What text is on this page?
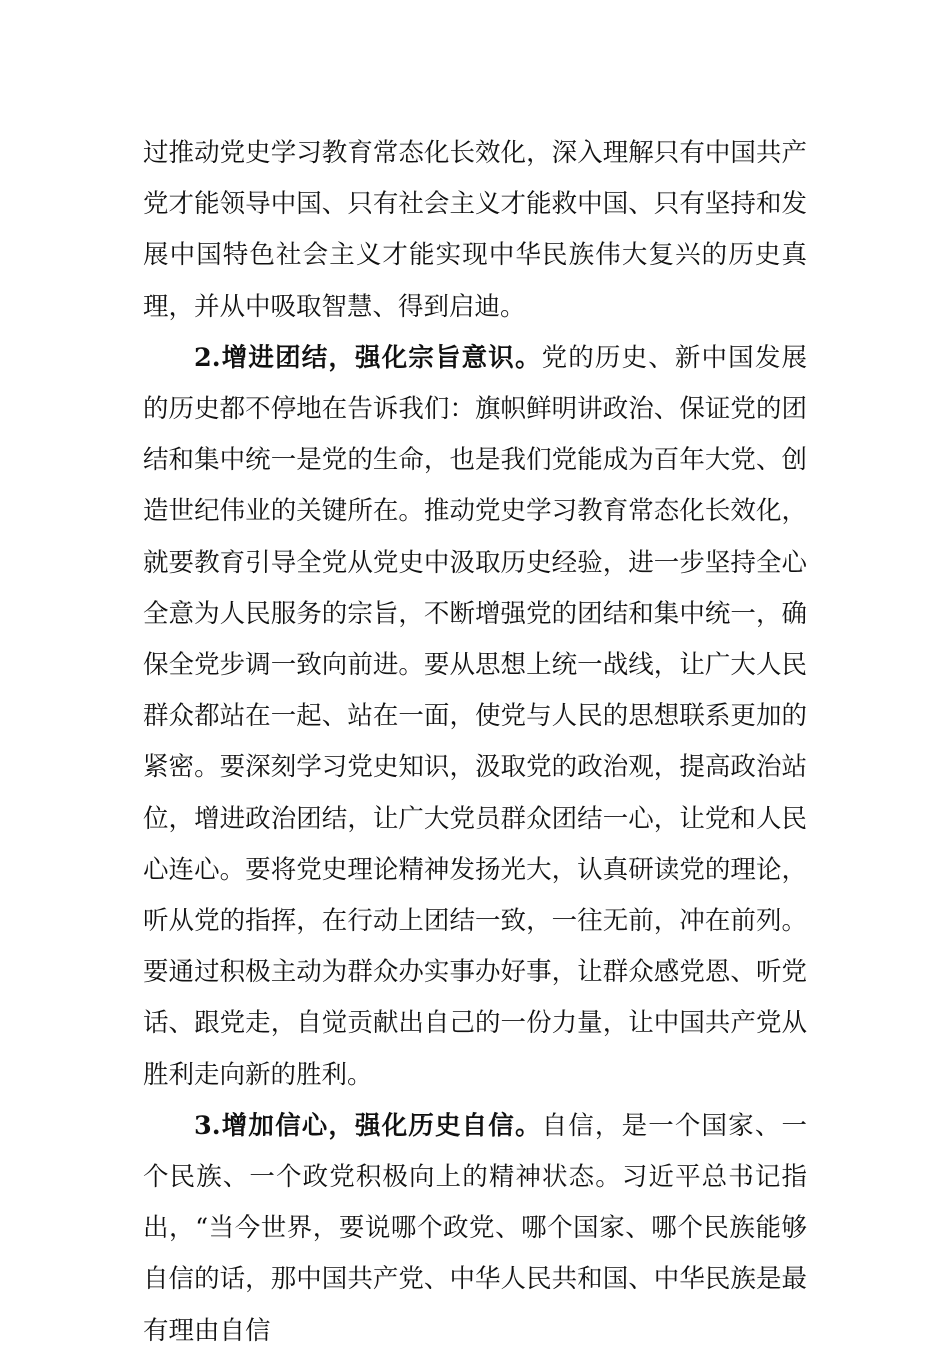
过推动党史学习教育常态化长效化，深入理解只有中国共产党才能领导中国、只有社会主义才能救中国、只有坚持和发展中国特色社会主义才能实现中华民族伟大复兴的历史真理，并从中吸取智慧、得到启迪。

2.增进团结，强化宗旨意识。党的历史、新中国发展的历史都不停地在告诉我们：旗帜鲜明讲政治、保证党的团结和集中统一是党的生命，也是我们党能成为百年大党、创造世纪伟业的关键所在。推动党史学习教育常态化长效化，就要教育引导全党从党史中汲取历史经验，进一步坚持全心全意为人民服务的宗旨，不断增强党的团结和集中统一，确保全党步调一致向前进。要从思想上统一战线，让广大人民群众都站在一起、站在一面，使党与人民的思想联系更加的紧密。要深刻学习党史知识，汲取党的政治观，提高政治站位，增进政治团结，让广大党员群众团结一心，让党和人民心连心。要将党史理论精神发扬光大，认真研读党的理论，听从党的指挥，在行动上团结一致，一往无前，冲在前列。要通过积极主动为群众办实事办好事，让群众感党恩、听党话、跟党走，自觉贡献出自己的一份力量，让中国共产党从胜利走向新的胜利。

3.增加信心，强化历史自信。自信，是一个国家、一个民族、一个政党积极向上的精神状态。习近平总书记指出，“当今世界，要说哪个政党、哪个国家、哪个民族能够自信的话，那中国共产党、中华人民共和国、中华民族是最有理由自信
